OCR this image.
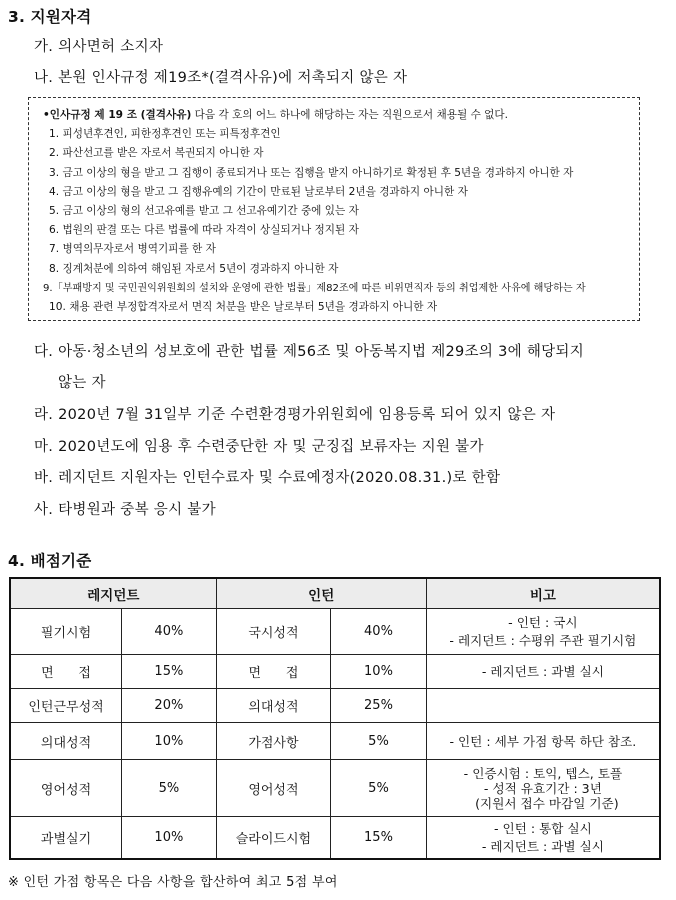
3. 지원자격
가. 의사면허 소지자
나. 본원 인사규정 제19조*(결격사유)에 저촉되지 않은 자
•인사규정 제 19 조 (결격사유) 다음 각 호의 어느 하나에 해당하는 자는 직원으로서 채용될 수 없다.
1. 피성년후견인, 피한정후견인 또는 피특정후견인
2. 파산선고를 받은 자로서 복권되지 아니한 자
3. 금고 이상의 형을 받고 그 집행이 종료되거나 또는 집행을 받지 아니하기로 확정된 후 5년을 경과하지 아니한 자
4. 금고 이상의 형을 받고 그 집행유예의 기간이 만료된 날로부터 2년을 경과하지 아니한 자
5. 금고 이상의 형의 선고유예를 받고 그 선고유예기간 중에 있는 자
6. 법원의 판결 또는 다른 법률에 따라 자격이 상실되거나 정지된 자
7. 병역의무자로서 병역기피를 한 자
8. 징계처분에 의하여 해임된 자로서 5년이 경과하지 아니한 자
9.「부패방지 및 국민권익위원회의 설치와 운영에 관한 법률」제82조에 따른 비위면직자 등의 취업제한 사유에 해당하는 자
10. 채용 관련 부정합격자로서 면직 처분을 받은 날로부터 5년을 경과하지 아니한 자
다. 아동·청소년의 성보호에 관한 법률 제56조 및 아동복지법 제29조의 3에 해당되지
않는 자
라. 2020년 7월 31일부 기준 수련환경평가위원회에 임용등록 되어 있지 않은 자
마. 2020년도에 임용 후 수련중단한 자 및 군징집 보류자는 지원 불가
바. 레지던트 지원자는 인턴수료자 및 수료예정자(2020.08.31.)로 한함
사. 타병원과 중복 응시 불가
4. 배점기준
레지던트		인턴		비고
필기시험	40%	국시성적	40%	- 인턴 : 국시
- 레지던트 : 수평위 주관 필기시험

면      접	15%	면      접	10%	- 레지던트 : 과별 실시

인턴근무성적	20%	의대성적	25%	
의대성적	10%	가점사항	5%	- 인턴 : 세부 가점 항목 하단 참조.

영어성적	5%	영어성적	5%	- 인증시험 : 토익, 텝스, 토플
- 성적 유효기간 : 3년
(지원서 접수 마감일 기준)

과별실기	10%	슬라이드시험	15%	- 인턴 : 통합 실시
- 레지던트 : 과별 실시
※ 인턴 가점 항목은 다음 사항을 합산하여 최고 5점 부여
